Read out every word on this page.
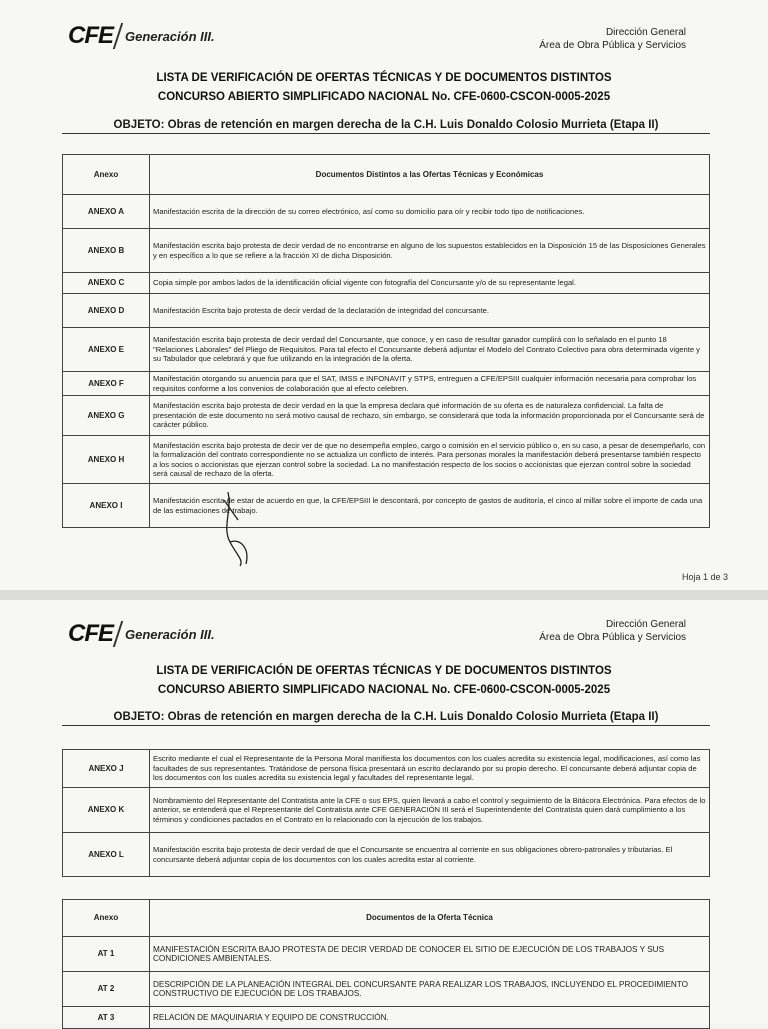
CFE Generación III.	Dirección General
Área de Obra Pública y Servicios
LISTA DE VERIFICACIÓN DE OFERTAS TÉCNICAS Y DE DOCUMENTOS DISTINTOS
CONCURSO ABIERTO SIMPLIFICADO NACIONAL No. CFE-0600-CSCON-0005-2025
OBJETO: Obras de retención en margen derecha de la C.H. Luis Donaldo Colosio Murrieta (Etapa II)
Anexo	Documentos Distintos a las Ofertas Técnicas y Económicas
ANEXO A	Manifestación escrita de la dirección de su correo electrónico, así como su domicilio para oír y recibir todo tipo de notificaciones.
ANEXO B	Manifestación escrita bajo protesta de decir verdad de no encontrarse en alguno de los supuestos establecidos en la Disposición 15 de las Disposiciones Generales y en específico a lo que se refiere a la fracción XI de dicha Disposición.
ANEXO C	Copia simple por ambos lados de la identificación oficial vigente con fotografía del Concursante y/o de su representante legal.
ANEXO D	Manifestación Escrita bajo protesta de decir verdad de la declaración de integridad del concursante.
ANEXO E	Manifestación escrita bajo protesta de decir verdad del Concursante, que conoce, y en caso de resultar ganador cumplirá con lo señalado en el punto 18 "Relaciones Laborales" del Pliego de Requisitos. Para tal efecto el Concursante deberá adjuntar el Modelo del Contrato Colectivo para obra determinada vigente y su Tabulador que celebrará y que fue utilizando en la integración de la oferta.
ANEXO F	Manifestación otorgando su anuencia para que el SAT, IMSS e INFONAVIT y STPS, entreguen a CFE/EPSIII cualquier información necesaria para comprobar los requisitos conforme a los convenios de colaboración que al efecto celebren.
ANEXO G	Manifestación escrita bajo protesta de decir verdad en la que la empresa declara qué información de su oferta es de naturaleza confidencial. La falta de presentación de este documento no será motivo causal de rechazo, sin embargo, se considerará que toda la información proporcionada por el Concursante será de carácter público.
ANEXO H	Manifestación escrita bajo protesta de decir ver de que no desempeña empleo, cargo o comisión en el servicio público o, en su caso, a pesar de desempeñarlo, con la formalización del contrato correspondiente no se actualiza un conflicto de interés. Para personas morales la manifestación deberá presentarse también respecto a los socios o accionistas que ejerzan control sobre la sociedad. La no manifestación respecto de los socios o accionistas que ejerzan control sobre la sociedad será causal de rechazo de la oferta.
ANEXO I	Manifestación escrita de estar de acuerdo en que, la CFE/EPSIII le descontará, por concepto de gastos de auditoría, el cinco al millar sobre el importe de cada una de las estimaciones de trabajo.
Hoja 1 de 3
CFE Generación III.
Dirección General
Área de Obra Pública y Servicios
LISTA DE VERIFICACIÓN DE OFERTAS TÉCNICAS Y DE DOCUMENTOS DISTINTOS
CONCURSO ABIERTO SIMPLIFICADO NACIONAL No. CFE-0600-CSCON-0005-2025
OBJETO: Obras de retención en margen derecha de la C.H. Luis Donaldo Colosio Murrieta (Etapa II)
ANEXO J	Escrito mediante el cual el Representante de la Persona Moral manifiesta los documentos con los cuales acredita su existencia legal, modificaciones, así como las facultades de sus representantes. Tratándose de persona física presentará un escrito declarando por su propio derecho. El concursante deberá adjuntar copia de los documentos con los cuales acredita su existencia legal y facultades del representante legal.
ANEXO K	Nombramiento del Representante del Contratista ante la CFE o sus EPS, quien llevará a cabo el control y seguimiento de la Bitácora Electrónica. Para efectos de lo anterior, se entenderá que el Representante del Contratista ante CFE GENERACIÓN III será el Superintendente del Contratista quien dará cumplimiento a los términos y condiciones pactados en el Contrato en lo relacionado con la ejecución de los trabajos.
ANEXO L	Manifestación escrita bajo protesta de decir verdad de que el Concursante se encuentra al corriente en sus obligaciones obrero-patronales y tributarias. El concursante deberá adjuntar copia de los documentos con los cuales acredita estar al corriente.
Anexo	Documentos de la Oferta Técnica
AT 1	MANIFESTACIÓN ESCRITA BAJO PROTESTA DE DECIR VERDAD DE CONOCER EL SITIO DE EJECUCIÓN DE LOS TRABAJOS Y SUS CONDICIONES AMBIENTALES.
AT 2	DESCRIPCIÓN DE LA PLANEACIÓN INTEGRAL DEL CONCURSANTE PARA REALIZAR LOS TRABAJOS, INCLUYENDO EL PROCEDIMIENTO CONSTRUCTIVO DE EJECUCIÓN DE LOS TRABAJOS.
AT 3	RELACIÓN DE MAQUINARIA Y EQUIPO DE CONSTRUCCIÓN.
